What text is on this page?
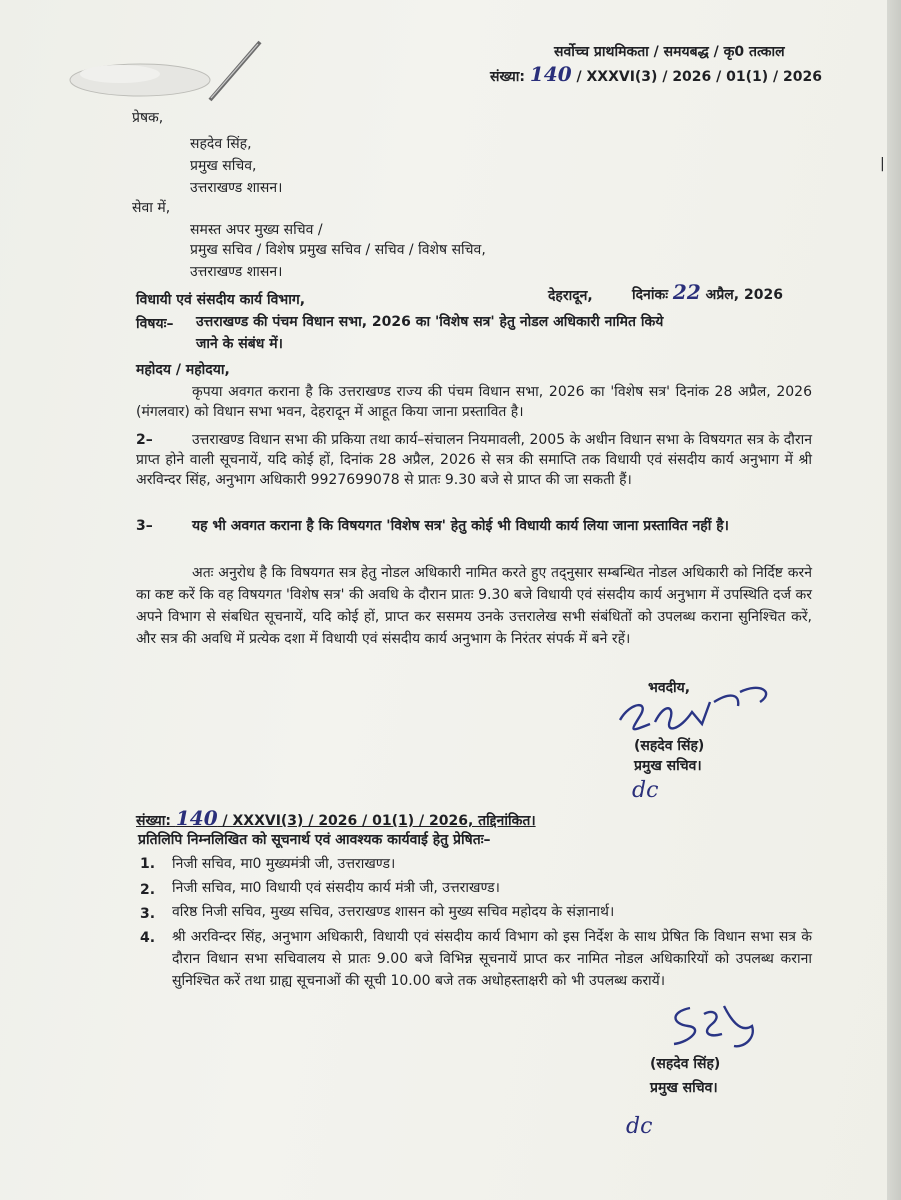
|
सर्वोच्च प्राथमिकता / समयबद्ध / कृ0 तत्काल
संख्या: 140 / XXXVI(3) / 2026 / 01(1) / 2026
प्रेषक,
सहदेव सिंह,
प्रमुख सचिव,
उत्तराखण्ड शासन।
सेवा में,
समस्त अपर मुख्य सचिव /
प्रमुख सचिव / विशेष प्रमुख सचिव / सचिव / विशेष सचिव,
उत्तराखण्ड शासन।
विधायी एवं संसदीय कार्य विभाग,	देहरादून,	दिनांकः 22 अप्रैल, 2026
विषयः– उत्तराखण्ड की पंचम विधान सभा, 2026 का 'विशेष सत्र' हेतु नोडल अधिकारी नामित किये
जाने के संबंध में।
महोदय / महोदया,
कृपया अवगत कराना है कि उत्तराखण्ड राज्य की पंचम विधान सभा, 2026 का 'विशेष सत्र' दिनांक 28 अप्रैल, 2026 (मंगलवार) को विधान सभा भवन, देहरादून में आहूत किया जाना प्रस्तावित है।
2–	उत्तराखण्ड विधान सभा की प्रकिया तथा कार्य–संचालन नियमावली, 2005 के अधीन विधान सभा के विषयगत सत्र के दौरान प्राप्त होने वाली सूचनायें, यदि कोई हों, दिनांक 28 अप्रैल, 2026 से सत्र की समाप्ति तक विधायी एवं संसदीय कार्य अनुभाग में श्री अरविन्दर सिंह, अनुभाग अधिकारी 9927699078 से प्रातः 9.30 बजे से प्राप्त की जा सकती हैं।
3–	यह भी अवगत कराना है कि विषयगत 'विशेष सत्र' हेतु कोई भी विधायी कार्य लिया जाना प्रस्तावित नहीं है।
अतः अनुरोध है कि विषयगत सत्र हेतु नोडल अधिकारी नामित करते हुए तद्नुसार सम्बन्धित नोडल अधिकारी को निर्दिष्ट करने का कष्ट करें कि वह विषयगत 'विशेष सत्र' की अवधि के दौरान प्रातः 9.30 बजे विधायी एवं संसदीय कार्य अनुभाग में उपस्थिति दर्ज कर अपने विभाग से संबधित सूचनायें, यदि कोई हों, प्राप्त कर ससमय उनके उत्तरालेख सभी संबंधितों को उपलब्ध कराना सुनिश्चित करें, और सत्र की अवधि में प्रत्येक दशा में विधायी एवं संसदीय कार्य अनुभाग के निरंतर संपर्क में बने रहें।
भवदीय,
(सहदेव सिंह)
प्रमुख सचिव।
dc
संख्या: 140 / XXXVI(3) / 2026 / 01(1) / 2026, तद्दिनांकित।
प्रतिलिपि निम्नलिखित को सूचनार्थ एवं आवश्यक कार्यवाई हेतु प्रेषितः–
1. निजी सचिव, मा0 मुख्यमंत्री जी, उत्तराखण्ड।
2. निजी सचिव, मा0 विधायी एवं संसदीय कार्य मंत्री जी, उत्तराखण्ड।
3. वरिष्ठ निजी सचिव, मुख्य सचिव, उत्तराखण्ड शासन को मुख्य सचिव महोदय के संज्ञानार्थ।
4. श्री अरविन्दर सिंह, अनुभाग अधिकारी, विधायी एवं संसदीय कार्य विभाग को इस निर्देश के साथ प्रेषित कि विधान सभा सत्र के दौरान विधान सभा सचिवालय से प्रातः 9.00 बजे विभिन्न सूचनायें प्राप्त कर नामित नोडल अधिकारियों को उपलब्ध कराना सुनिश्चित करें तथा ग्राह्य सूचनाओं की सूची 10.00 बजे तक अधोहस्ताक्षरी को भी उपलब्ध करायें।
(सहदेव सिंह)
प्रमुख सचिव।
dc
